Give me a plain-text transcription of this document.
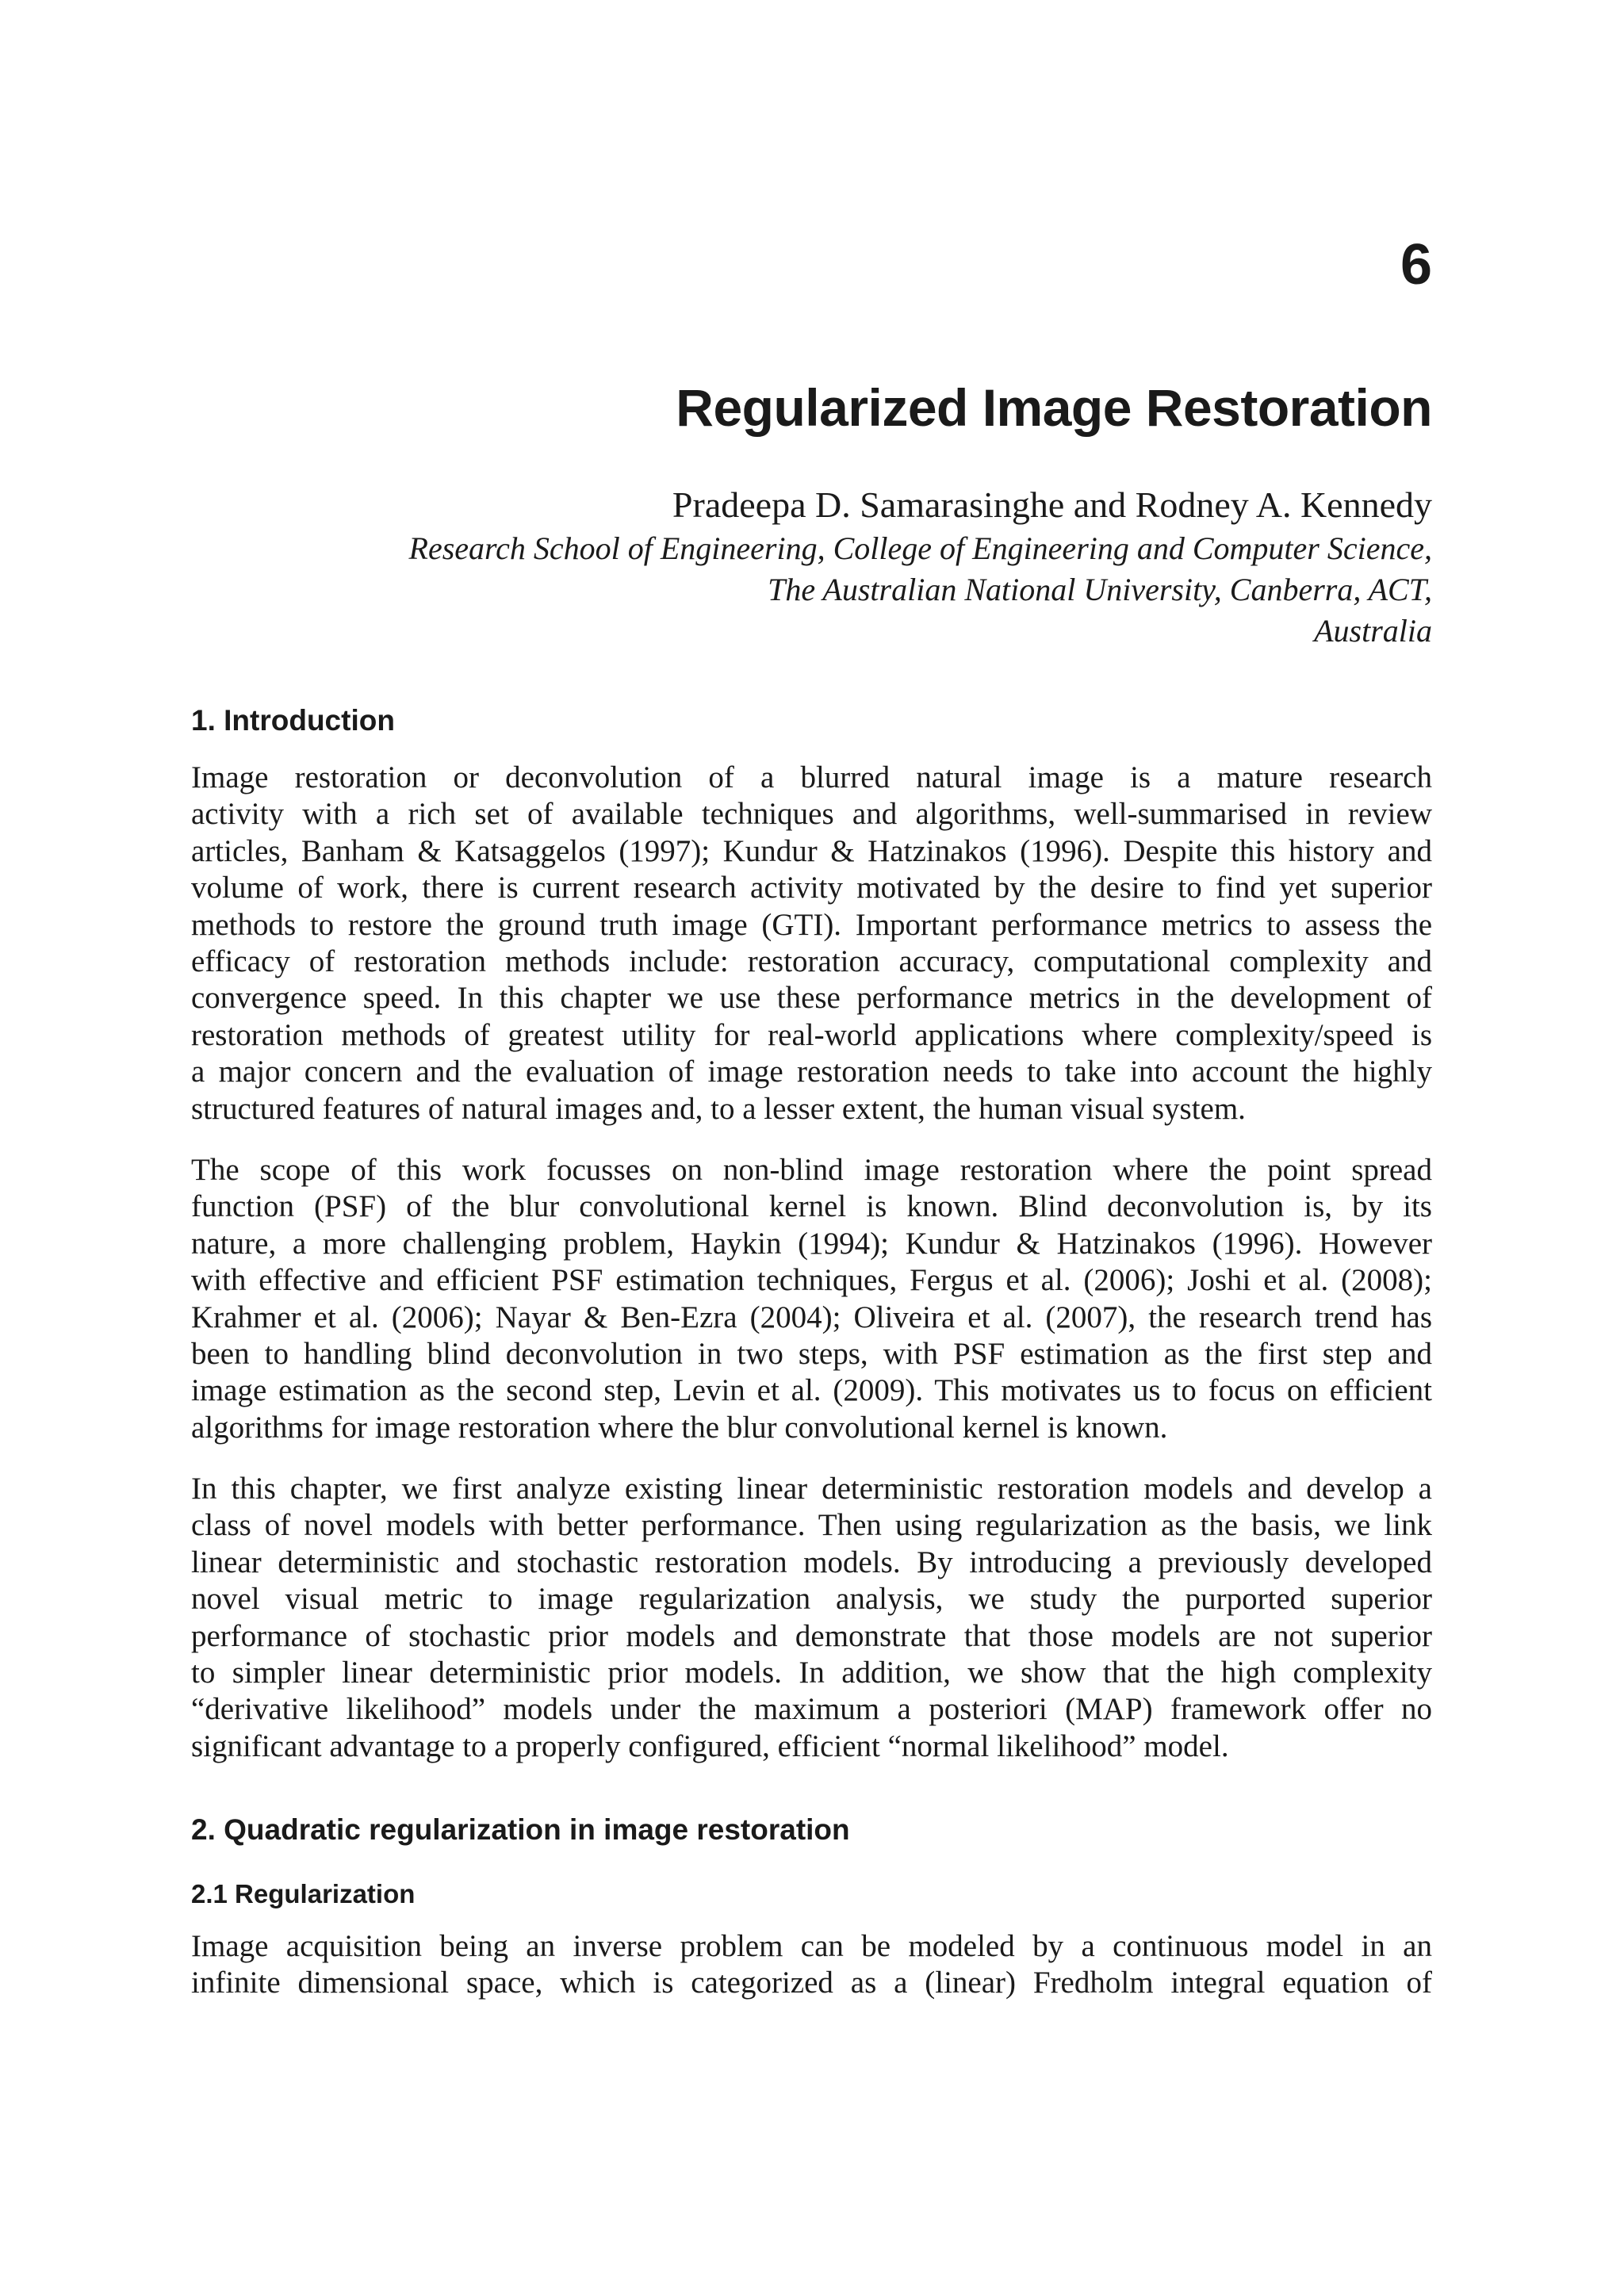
6
Regularized Image Restoration

Pradeepa D. Samarasinghe and Rodney A. Kennedy

Research School of Engineering, College of Engineering and Computer Science,
The Australian National University, Canberra, ACT,
Australia

1. Introduction

Image restoration or deconvolution of a blurred natural image is a mature research
activity with a rich set of available techniques and algorithms, well-summarised in review
articles, Banham & Katsaggelos (1997); Kundur & Hatzinakos (1996). Despite this history and
volume of work, there is current research activity motivated by the desire to find yet superior
methods to restore the ground truth image (GTI). Important performance metrics to assess the
efficacy of restoration methods include: restoration accuracy, computational complexity and
convergence speed. In this chapter we use these performance metrics in the development of
restoration methods of greatest utility for real-world applications where complexity/speed is
a major concern and the evaluation of image restoration needs to take into account the highly
structured features of natural images and, to a lesser extent, the human visual system.

The scope of this work focusses on non-blind image restoration where the point spread
function (PSF) of the blur convolutional kernel is known. Blind deconvolution is, by its
nature, a more challenging problem, Haykin (1994); Kundur & Hatzinakos (1996). However
with effective and efficient PSF estimation techniques, Fergus et al. (2006); Joshi et al. (2008);
Krahmer et al. (2006); Nayar & Ben-Ezra (2004); Oliveira et al. (2007), the research trend has
been to handling blind deconvolution in two steps, with PSF estimation as the first step and
image estimation as the second step, Levin et al. (2009). This motivates us to focus on efficient
algorithms for image restoration where the blur convolutional kernel is known.

In this chapter, we first analyze existing linear deterministic restoration models and develop a
class of novel models with better performance. Then using regularization as the basis, we link
linear deterministic and stochastic restoration models. By introducing a previously developed
novel visual metric to image regularization analysis, we study the purported superior
performance of stochastic prior models and demonstrate that those models are not superior
to simpler linear deterministic prior models. In addition, we show that the high complexity
“derivative likelihood” models under the maximum a posteriori (MAP) framework offer no
significant advantage to a properly configured, efficient “normal likelihood” model.

2. Quadratic regularization in image restoration
2.1 Regularization

Image acquisition being an inverse problem can be modeled by a continuous model in an
infinite dimensional space, which is categorized as a (linear) Fredholm integral equation of
